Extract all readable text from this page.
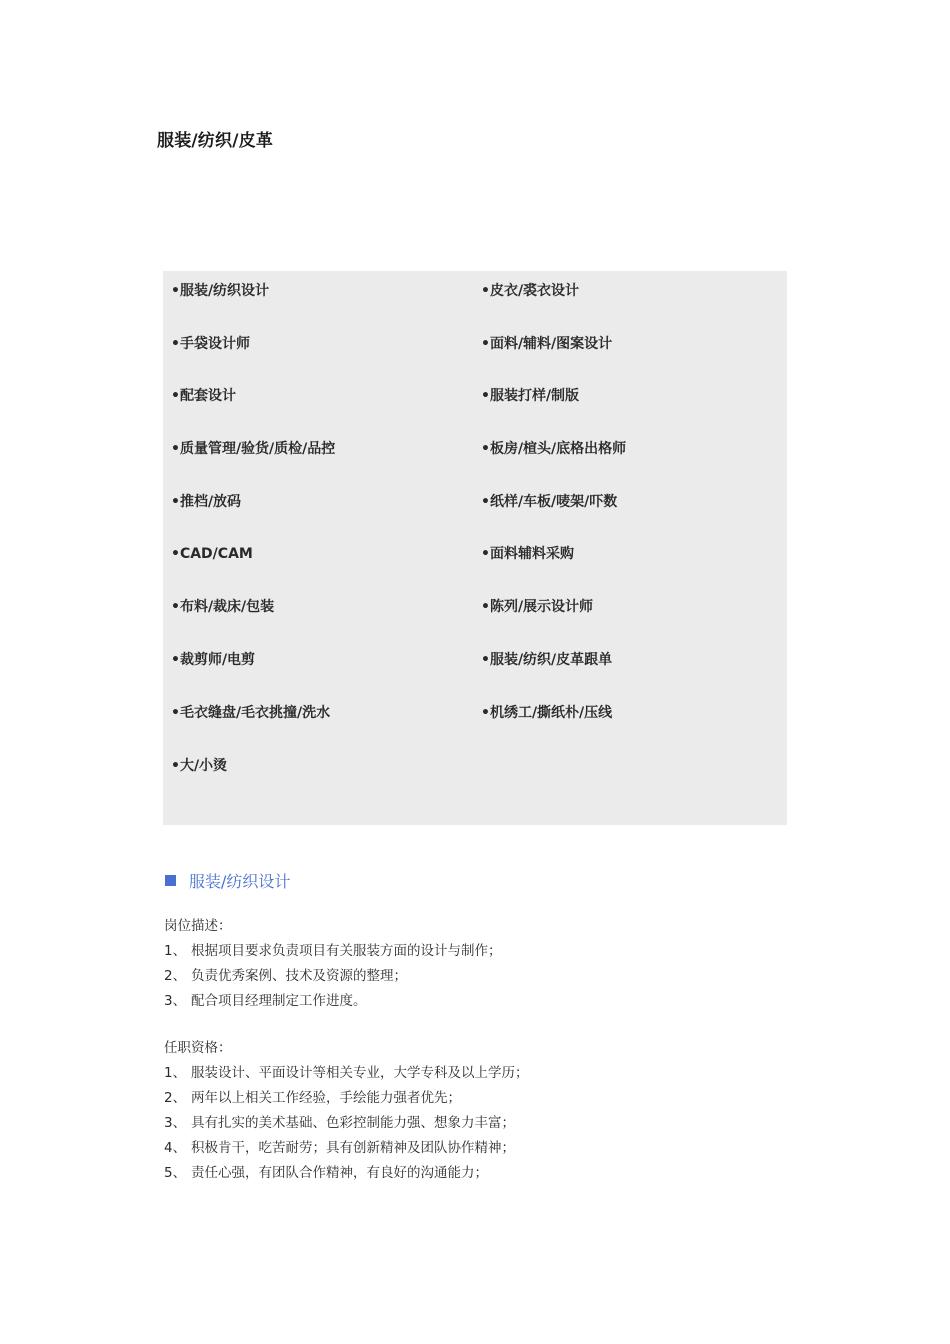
服装/纺织/皮革
•服装/纺织设计
•手袋设计师
•配套设计
•质量管理/验货/质检/品控
•推档/放码
•CAD/CAM
•布料/裁床/包装
•裁剪师/电剪
•毛衣缝盘/毛衣挑撞/洗水
•大/小烫
•皮衣/裘衣设计
•面料/辅料/图案设计
•服装打样/制版
•板房/楦头/底格出格师
•纸样/车板/唛架/吓数
•面料辅料采购
•陈列/展示设计师
•服装/纺织/皮革跟单
•机绣工/撕纸朴/压线
服装/纺织设计
岗位描述：
1、 根据项目要求负责项目有关服装方面的设计与制作；
2、 负责优秀案例、技术及资源的整理；
3、 配合项目经理制定工作进度。
任职资格：
1、 服装设计、平面设计等相关专业，大学专科及以上学历；
2、 两年以上相关工作经验，手绘能力强者优先；
3、 具有扎实的美术基础、色彩控制能力强、想象力丰富；
4、 积极肯干，吃苦耐劳；具有创新精神及团队协作精神；
5、 责任心强，有团队合作精神，有良好的沟通能力；
